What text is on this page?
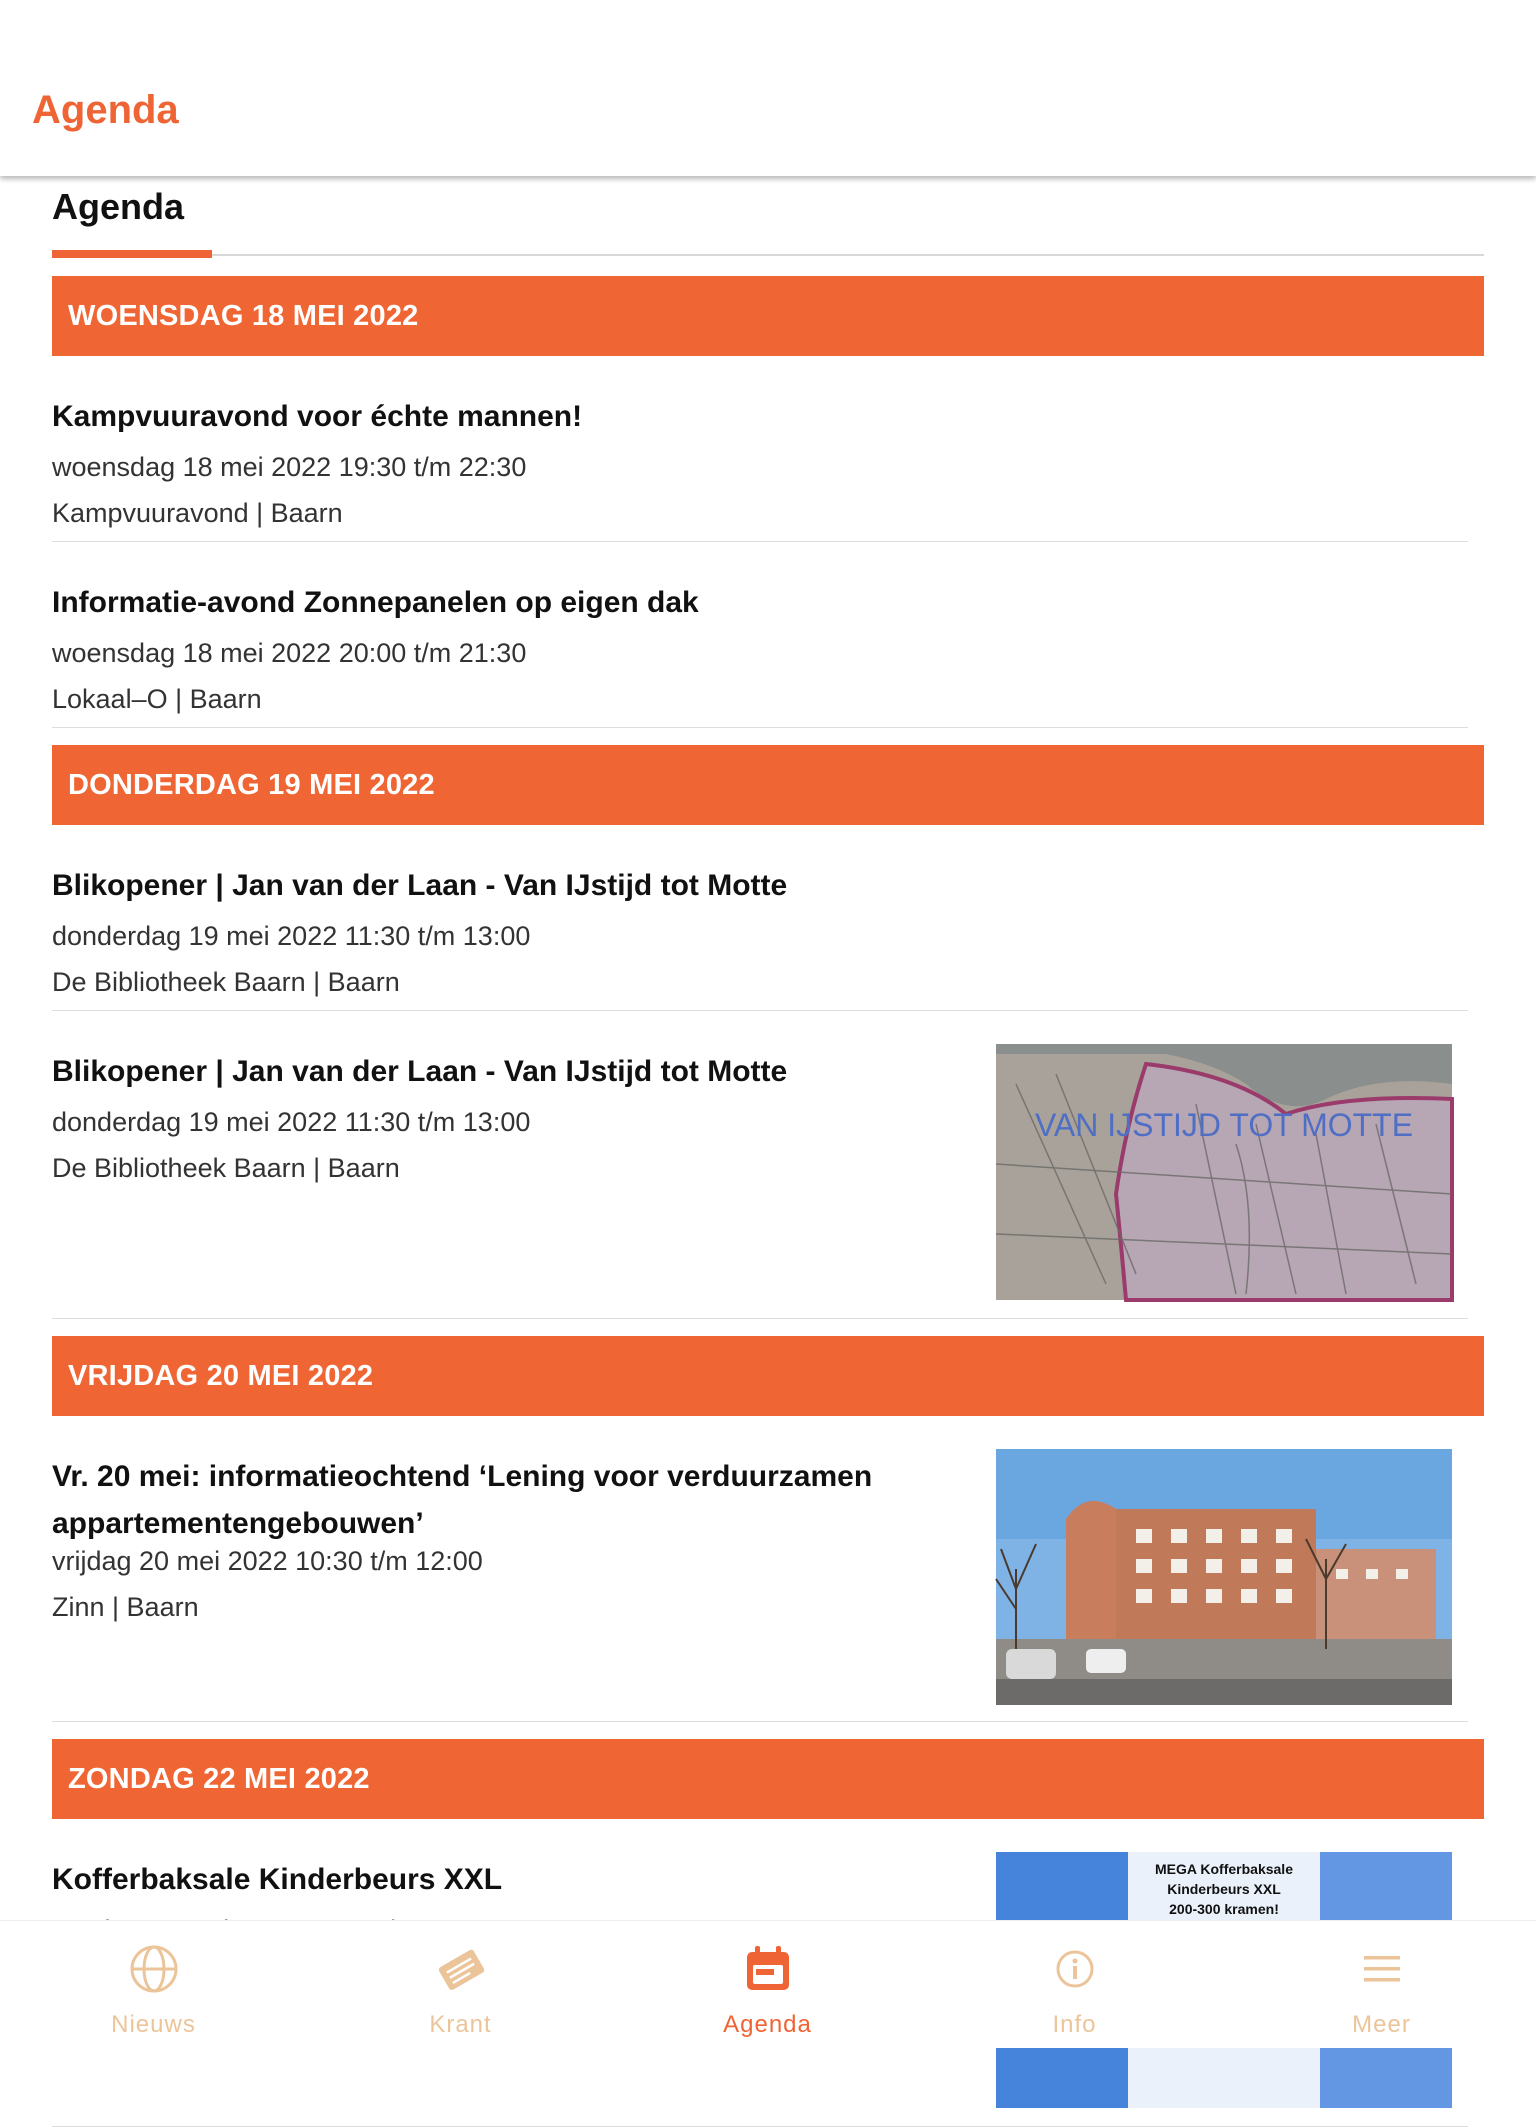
Agenda
Agenda
WOENSDAG 18 MEI 2022
Kampvuuravond voor échte mannen!
woensdag 18 mei 2022 19:30 t/m 22:30
Kampvuuravond | Baarn
Informatie-avond Zonnepanelen op eigen dak
woensdag 18 mei 2022 20:00 t/m 21:30
Lokaal–O | Baarn
DONDERDAG 19 MEI 2022
Blikopener | Jan van der Laan - Van IJstijd tot Motte
donderdag 19 mei 2022 11:30 t/m 13:00
De Bibliotheek Baarn | Baarn
Blikopener | Jan van der Laan - Van IJstijd tot Motte
donderdag 19 mei 2022 11:30 t/m 13:00
De Bibliotheek Baarn | Baarn
VAN IJSTIJD TOT MOTTE
VRIJDAG 20 MEI 2022
Vr. 20 mei: informatieochtend ‘Lening voor verduurzamen appartementengebouwen’
vrijdag 20 mei 2022 10:30 t/m 12:00
Zinn | Baarn
ZONDAG 22 MEI 2022
Kofferbaksale Kinderbeurs XXL	MEGA Kofferbaksale
Kinderbeurs XXL
200-300 kramen!
Nieuws	Krant	Agenda	Info	Meer
